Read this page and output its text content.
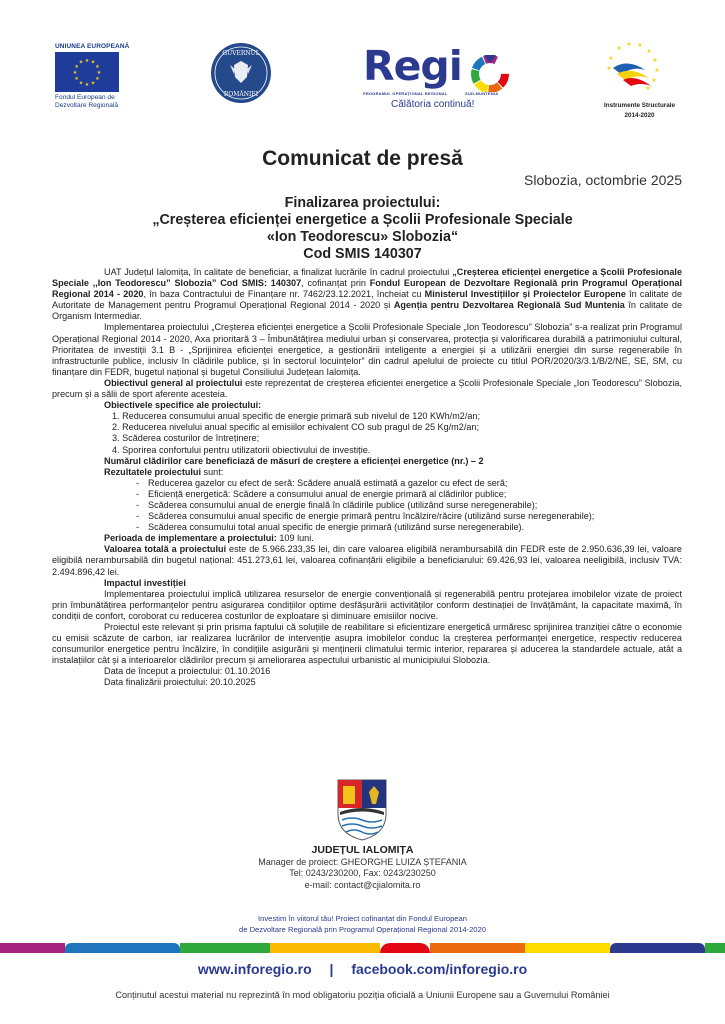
UNIUNEA EUROPEANĂ
★ ★
★
★
★
★
★
★
★
★
★
★
Fondul European de
Dezvoltare Regională
GUVERNUL
ROMÂNIEI
Regi
PROGRAMUL OPERAȚIONAL REGIONAL	SUD-MUNTENIA
Călătoria continuă!
★
★ ★
★
★
★
★
★
★
★
Instrumente Structurale
2014-2020
Comunicat de presă
Slobozia, octombrie 2025
Finalizarea proiectului:
„Creșterea eficienței energetice a Școlii Profesionale Speciale
«Ion Teodorescu» Slobozia“
Cod SMIS 140307

UAT Județul Ialomița, în calitate de beneficiar, a finalizat lucrările în cadrul proiectului „Creșterea eficienței energetice a Școlii Profesionale Speciale ,,Ion Teodorescu” Slobozia” Cod SMIS: 140307, cofinanțat prin Fondul European de Dezvoltare Regională prin Programul Operațional Regional 2014 - 2020, în baza Contractului de Finanțare nr. 7462/23.12.2021, încheiat cu Ministerul Investițiilor și Proiectelor Europene în calitate de Autoritate de Management pentru Programul Operațional Regional 2014 - 2020 și Agenția pentru Dezvoltarea Regională Sud Muntenia în calitate de Organism Intermediar.

Implementarea proiectului „Creșterea eficienței energetice a Școlii Profesionale Speciale „Ion Teodorescu” Slobozia” s-a realizat prin Programul Operațional Regional 2014 - 2020, Axa prioritară 3 – Îmbunătățirea mediului urban și conservarea, protecția și valorificarea durabilă a patrimoniului cultural, Prioritatea de investiții 3.1 B - „Sprijinirea eficienței energetice, a gestionării inteligente a energiei și a utilizării energiei din surse regenerabile în infrastructurile publice, inclusiv în clădirile publice, și în sectorul locuințelor” din cadrul apelului de proiecte cu titlul POR/2020/3/3.1/B/2/NE, SE, SM, cu finanțare din FEDR, bugetul național și bugetul Consiliului Județean Ialomița.

Obiectivul general al proiectului este reprezentat de creșterea eficientei energetice a Școlii Profesionale Speciale „Ion Teodorescu” Slobozia, precum și a sălii de sport aferente acesteia.

Obiectivele specifice ale proiectului:

1. Reducerea consumului anual specific de energie primară sub nivelul de 120 KWh/m2/an;
2. Reducerea nivelului anual specific al emisiilor echivalent CO sub pragul de 25 Kg/m2/an;
3. Scăderea costurilor de întreținere;
4. Sporirea confortului pentru utilizatorii obiectivului de investiție.

Numărul clădirilor care beneficiază de măsuri de creștere a eficienței energetice (nr.) – 2

Rezultatele proiectului sunt:

- Reducerea gazelor cu efect de seră: Scădere anuală estimată a gazelor cu efect de seră;
- Eficiență energetică: Scădere a consumului anual de energie primară al clădirilor publice;
- Scăderea consumului anual de energie finală în clădirile publice (utilizând surse neregenerabile);
- Scăderea consumului anual specific de energie primară pentru încălzire/răcire (utilizând surse neregenerabile);
- Scăderea consumului total anual specific de energie primară (utilizând surse neregenerabile).

Perioada de implementare a proiectului: 109 luni.

Valoarea totală a proiectului este de 5.966.233,35 lei, din care valoarea eligibilă nerambursabilă din FEDR este de 2.950.636,39 lei, valoare eligibilă nerambursabilă din bugetul național: 451.273,61 lei, valoarea cofinanțării eligibile a beneficiarului: 69.426,93 lei, valoarea neeligibilă, inclusiv TVA: 2.494.896,42 lei.

Impactul investiției

Implementarea proiectului implică utilizarea resurselor de energie convențională și regenerabilă pentru protejarea imobilelor vizate de proiect prin îmbunătățirea performanțelor pentru asigurarea condițiilor optime desfășurării activităților conform destinației de învățământ, la capacitate maximă, în condiții de confort, coroborat cu reducerea costurilor de exploatare și diminuare emisiilor nocive.

Proiectul este relevant și prin prisma faptului că soluțiile de reabilitare si eficientizare energetică urmăresc sprijinirea tranziției către o economie cu emisii scăzute de carbon, iar realizarea lucrărilor de intervenție asupra imobilelor conduc la creșterea performanței energetice, respectiv reducerea consumurilor energetice pentru încălzire, în condițiile asigurării și menținerii climatului termic interior, repararea și aducerea la standardele actuale, atât a instalațiilor cât și a interioarelor clădirilor precum și ameliorarea aspectului urbanistic al municipiului Slobozia.

Data de început a proiectului: 01.10.2016

Data finalizării proiectului: 20.10.2025

JUDEȚUL IALOMIȚA
Manager de proiect: GHEORGHE LUIZA ȘTEFANIA
Tel: 0243/230200, Fax: 0243/230250
e-mail: contact@cjialomita.ro
Investim în viitorul tău! Proiect cofinanțat din Fondul European
de Dezvoltare Regională prin Programul Operațional Regional 2014-2020
www.inforegio.ro | facebook.com/inforegio.ro
Conținutul acestui material nu reprezintă în mod obligatoriu poziția oficială a Uniunii Europene sau a Guvernului României
